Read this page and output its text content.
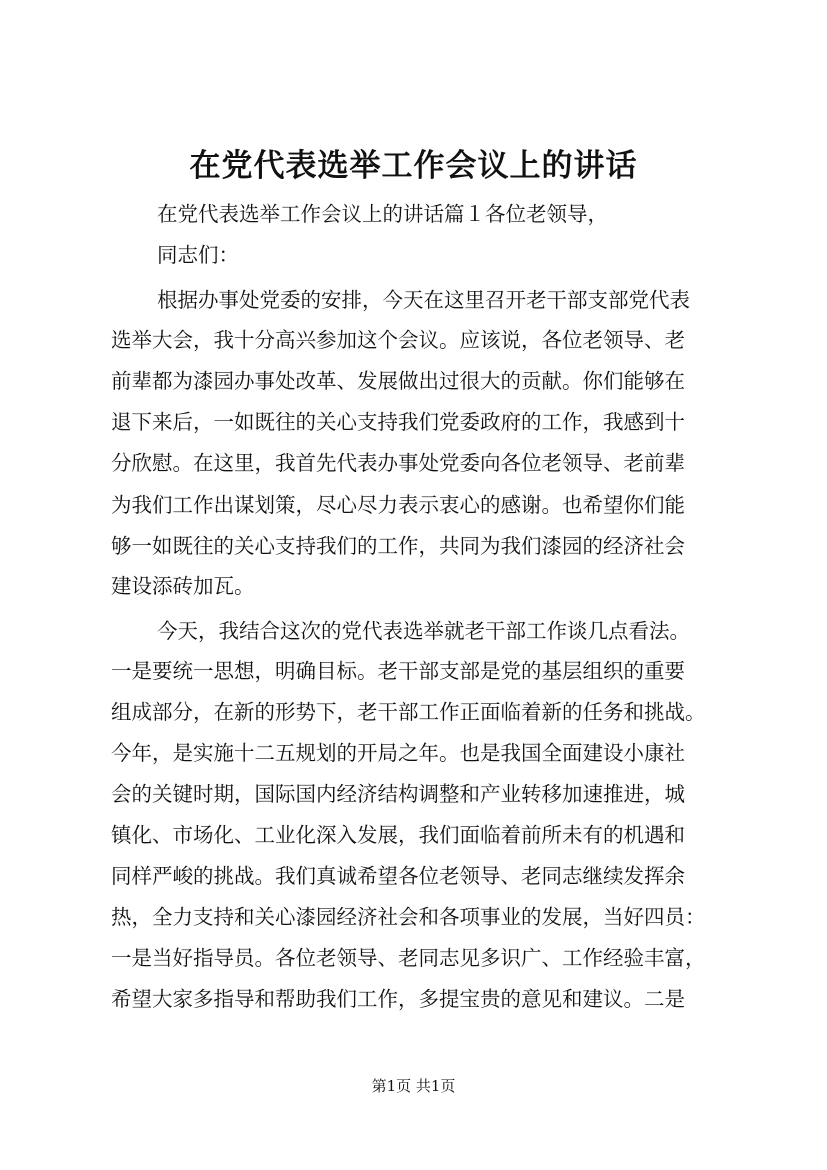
在党代表选举工作会议上的讲话
在党代表选举工作会议上的讲话篇１各位老领导，
同志们：
根据办事处党委的安排，今天在这里召开老干部支部党代表
选举大会，我十分高兴参加这个会议。应该说，各位老领导、老
前辈都为漆园办事处改革、发展做出过很大的贡献。你们能够在
退下来后，一如既往的关心支持我们党委政府的工作，我感到十
分欣慰。在这里，我首先代表办事处党委向各位老领导、老前辈
为我们工作出谋划策，尽心尽力表示衷心的感谢。也希望你们能
够一如既往的关心支持我们的工作，共同为我们漆园的经济社会
建设添砖加瓦。
今天，我结合这次的党代表选举就老干部工作谈几点看法。
一是要统一思想，明确目标。老干部支部是党的基层组织的重要
组成部分，在新的形势下，老干部工作正面临着新的任务和挑战。
今年，是实施十二五规划的开局之年。也是我国全面建设小康社
会的关键时期，国际国内经济结构调整和产业转移加速推进，城
镇化、市场化、工业化深入发展，我们面临着前所未有的机遇和
同样严峻的挑战。我们真诚希望各位老领导、老同志继续发挥余
热，全力支持和关心漆园经济社会和各项事业的发展，当好四员：
一是当好指导员。各位老领导、老同志见多识广、工作经验丰富，
希望大家多指导和帮助我们工作，多提宝贵的意见和建议。二是
第1页 共1页
